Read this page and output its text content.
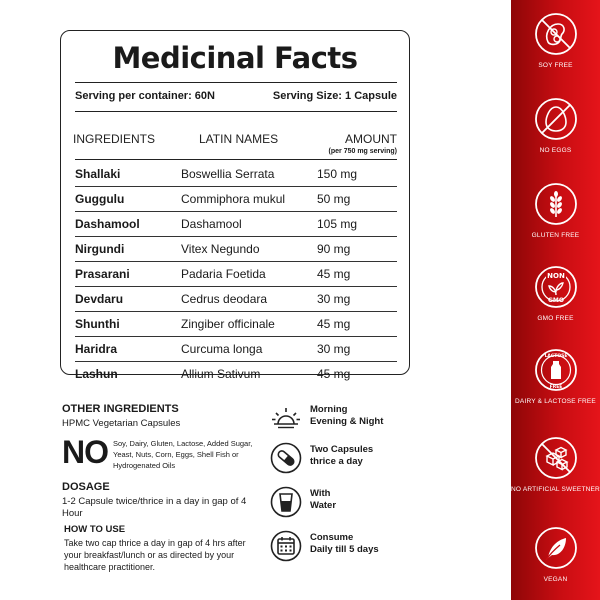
Medicinal Facts
Serving per container: 60N	Serving Size: 1 Capsule
INGREDIENTS	LATIN NAMES	AMOUNT
(per 750 mg serving)
Shallaki	Boswellia Serrata	150 mg
Guggulu	Commiphora mukul	50 mg
Dashamool	Dashamool	105 mg
Nirgundi	Vitex Negundo	90 mg
Prasarani	Padaria Foetida	45 mg
Devdaru	Cedrus deodara	30 mg
Shunthi	Zingiber officinale	45 mg
Haridra	Curcuma longa	30 mg
Lashun	Allium Sativum	45 mg
OTHER INGREDIENTS
HPMC Vegetarian Capsules
NO Soy, Dairy, Gluten, Lactose, Added Sugar, Yeast, Nuts, Corn, Eggs, Shell Fish or Hydrogenated Oils
DOSAGE
1-2 Capsule twice/thrice in a day in gap of 4 Hour
HOW TO USE
Take two cap thrice a day in gap of 4 hrs after your breakfast/lunch or as directed by your healthcare practitioner.
Morning
Evening & Night
Two Capsules
thrice a day
With
Water
Consume
Daily till 5 days
SOY FREE
NO EGGS
GLUTEN FREE
NON
GMO
GMO FREE
LACTOSE
FREE
DAIRY & LACTOSE FREE
NO ARTIFICIAL SWEETNER
VEGAN
